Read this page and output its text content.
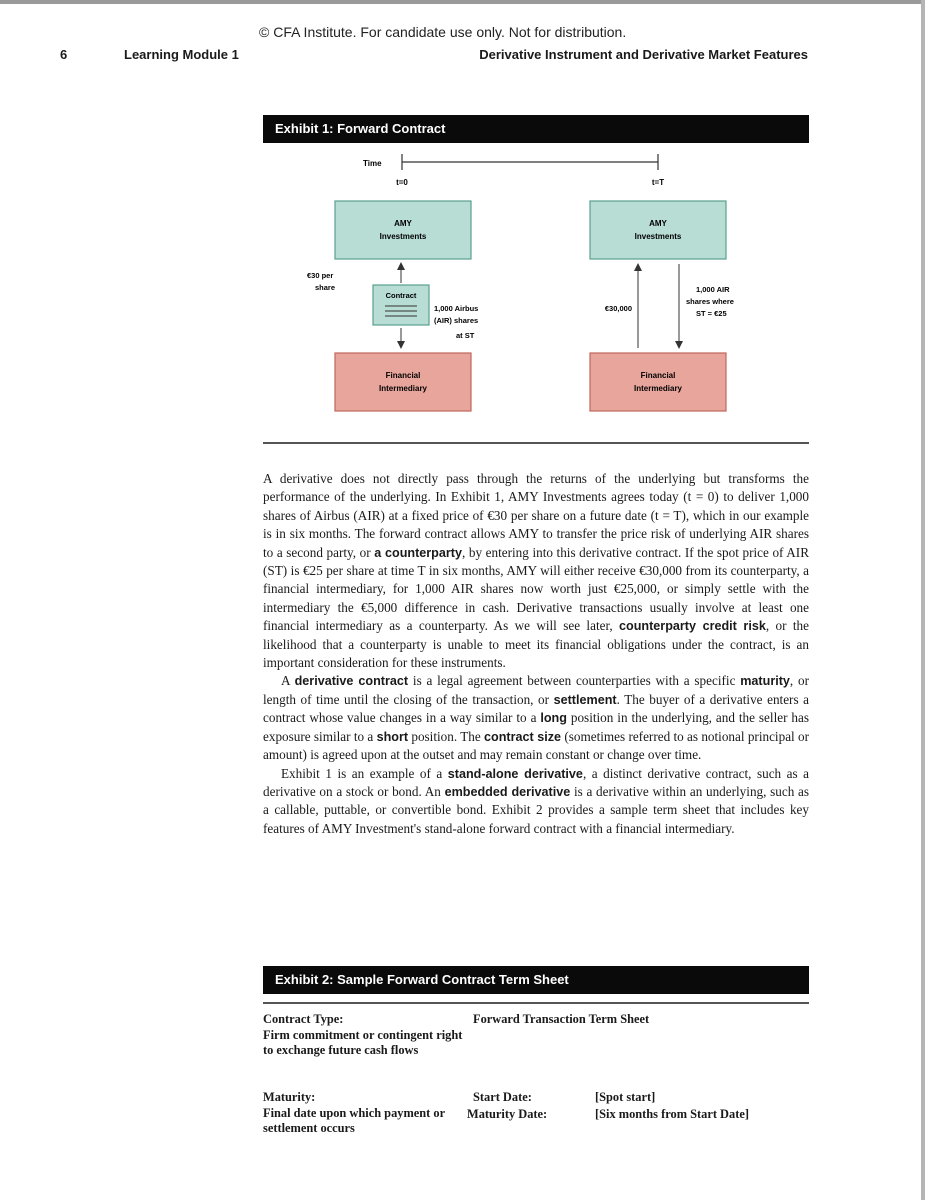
© CFA Institute. For candidate use only. Not for distribution.
6	Learning Module 1	Derivative Instrument and Derivative Market Features
Exhibit 1: Forward Contract
Time
t=0	t=T
AMY
Investments
€30 per
share
Contract
1,000 Airbus
(AIR) shares
at ST
Financial
Intermediary
AMY
Investments
€30,000
1,000 AIR
shares where
ST = €25
Financial
Intermediary

A derivative does not directly pass through the returns of the underlying but transforms the performance of the underlying. In Exhibit 1, AMY Investments agrees today (t = 0) to deliver 1,000 shares of Airbus (AIR) at a fixed price of €30 per share on a future date (t = T), which in our example is in six months. The forward contract allows AMY to transfer the price risk of underlying AIR shares to a second party, or a counterparty, by entering into this derivative contract. If the spot price of AIR (ST) is €25 per share at time T in six months, AMY will either receive €30,000 from its counterparty, a financial intermediary, for 1,000 AIR shares now worth just €25,000, or simply settle with the intermediary the €5,000 difference in cash. Derivative transactions usually involve at least one financial intermediary as a counterparty. As we will see later, counterparty credit risk, or the likelihood that a counterparty is unable to meet its financial obligations under the contract, is an important consideration for these instruments.

A derivative contract is a legal agreement between counterparties with a specific maturity, or length of time until the closing of the transaction, or settlement. The buyer of a derivative enters a contract whose value changes in a way similar to a long position in the underlying, and the seller has exposure similar to a short position. The contract size (sometimes referred to as notional principal or amount) is agreed upon at the outset and may remain constant or change over time.

Exhibit 1 is an example of a stand-alone derivative, a distinct derivative contract, such as a derivative on a stock or bond. An embedded derivative is a derivative within an underlying, such as a callable, puttable, or convertible bond. Exhibit 2 provides a sample term sheet that includes key features of AMY Investment's stand-alone forward contract with a financial intermediary.

Exhibit 2: Sample Forward Contract Term Sheet
Contract Type:
Firm commitment or contingent right to exchange future cash flows
Forward Transaction Term Sheet
Maturity:
Final date upon which payment or settlement occurs
Start Date:	[Spot start]
Maturity Date:	[Six months from Start Date]
